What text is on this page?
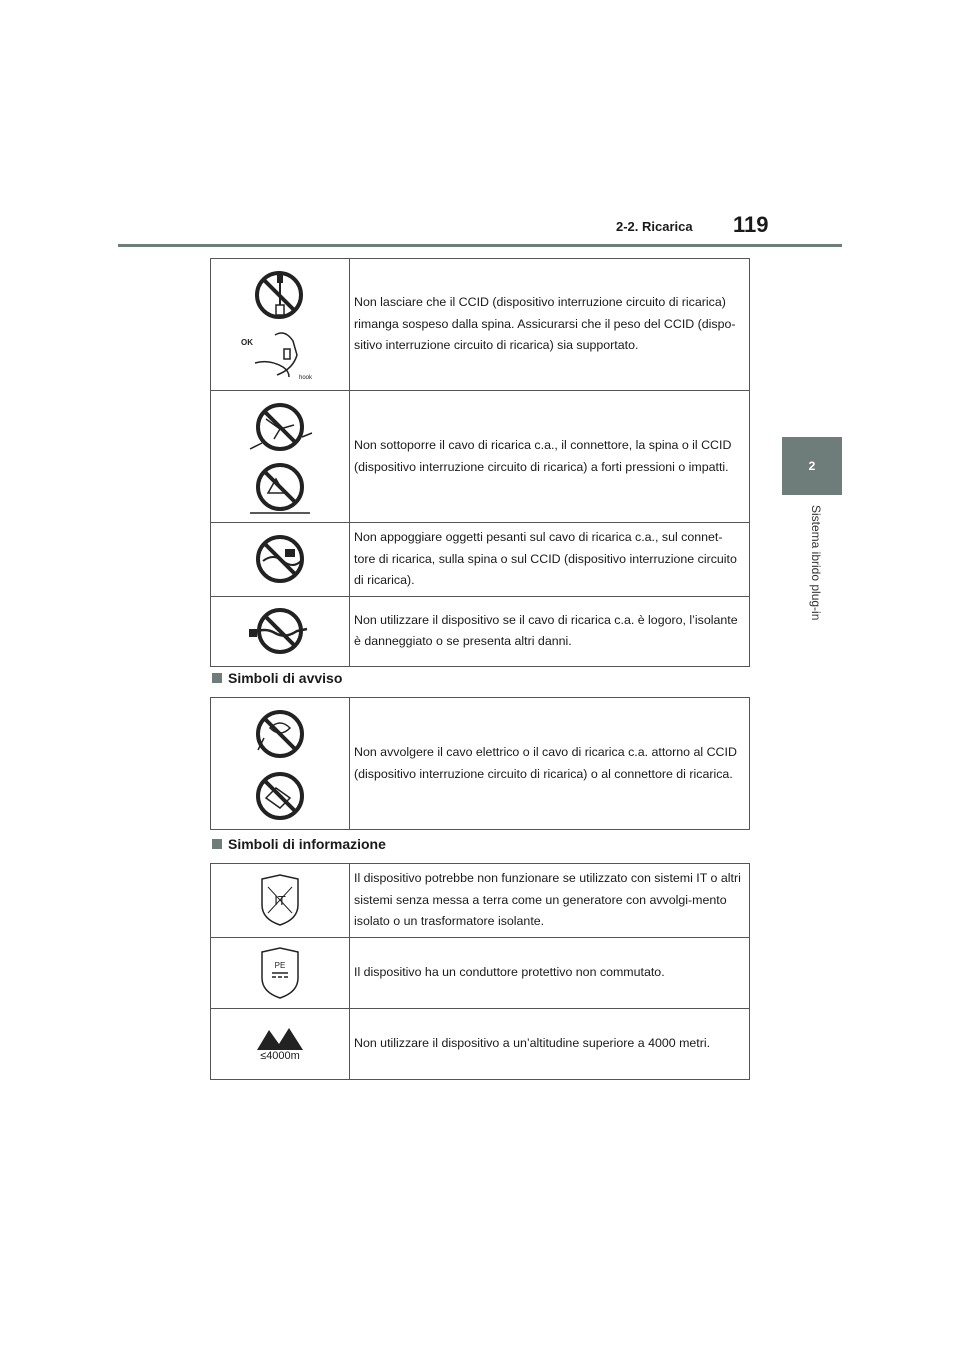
2-2. Ricarica 119
2
Sistema ibrido plug-in
OK
hook	Non lasciare che il CCID (dispositivo interruzione circuito di ricarica) rimanga sospeso dalla spina. Assicurarsi che il peso del CCID (dispo-sitivo interruzione circuito di ricarica) sia supportato.
	Non sottoporre il cavo di ricarica c.a., il connettore, la spina o il CCID (dispositivo interruzione circuito di ricarica) a forti pressioni o impatti.
	Non appoggiare oggetti pesanti sul cavo di ricarica c.a., sul connet-tore di ricarica, sulla spina o sul CCID (dispositivo interruzione circuito di ricarica).
	Non utilizzare il dispositivo se il cavo di ricarica c.a. è logoro, l’isolante è danneggiato o se presenta altri danni.
Simboli di avviso
	Non avvolgere il cavo elettrico o il cavo di ricarica c.a. attorno al CCID (dispositivo interruzione circuito di ricarica) o al connettore di ricarica.
Simboli di informazione
IT	Il dispositivo potrebbe non funzionare se utilizzato con sistemi IT o altri sistemi senza messa a terra come un generatore con avvolgi-mento isolato o un trasformatore isolante.

PE	Il dispositivo ha un conduttore protettivo non commutato.

≤4000m	Non utilizzare il dispositivo a un’altitudine superiore a 4000 metri.
